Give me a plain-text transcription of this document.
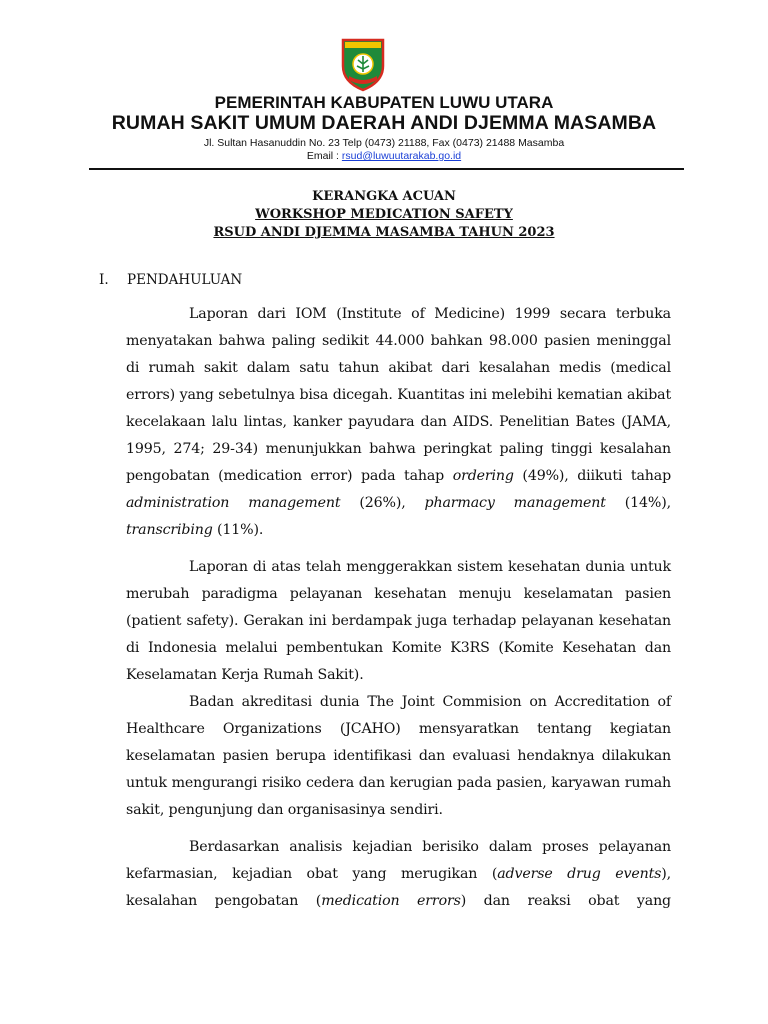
PEMERINTAH KABUPATEN LUWU UTARA
RUMAH SAKIT UMUM DAERAH ANDI DJEMMA MASAMBA
Jl. Sultan Hasanuddin No. 23 Telp (0473) 21188, Fax (0473) 21488 Masamba
Email : rsud@luwuutarakab.go.id
KERANGKA ACUAN
WORKSHOP MEDICATION SAFETY
RSUD ANDI DJEMMA MASAMBA TAHUN 2023
I. PENDAHULUAN

Laporan dari IOM (Institute of Medicine) 1999 secara terbuka menyatakan bahwa paling sedikit 44.000 bahkan 98.000 pasien meninggal di rumah sakit dalam satu tahun akibat dari kesalahan medis (medical errors) yang sebetulnya bisa dicegah. Kuantitas ini melebihi kematian akibat kecelakaan lalu lintas, kanker payudara dan AIDS. Penelitian Bates (JAMA, 1995, 274; 29-34) menunjukkan bahwa peringkat paling tinggi kesalahan pengobatan (medication error) pada tahap ordering (49%), diikuti tahap administration management (26%), pharmacy management (14%), transcribing (11%).

Laporan di atas telah menggerakkan sistem kesehatan dunia untuk merubah paradigma pelayanan kesehatan menuju keselamatan pasien (patient safety). Gerakan ini berdampak juga terhadap pelayanan kesehatan di Indonesia melalui pembentukan Komite K3RS (Komite Kesehatan dan Keselamatan Kerja Rumah Sakit).

Badan akreditasi dunia The Joint Commision on Accreditation of Healthcare Organizations (JCAHO) mensyaratkan tentang kegiatan keselamatan pasien berupa identifikasi dan evaluasi hendaknya dilakukan untuk mengurangi risiko cedera dan kerugian pada pasien, karyawan rumah sakit, pengunjung dan organisasinya sendiri.

Berdasarkan analisis kejadian berisiko dalam proses pelayanan kefarmasian, kejadian obat yang merugikan (adverse drug events), kesalahan pengobatan (medication errors) dan reaksi obat yang
